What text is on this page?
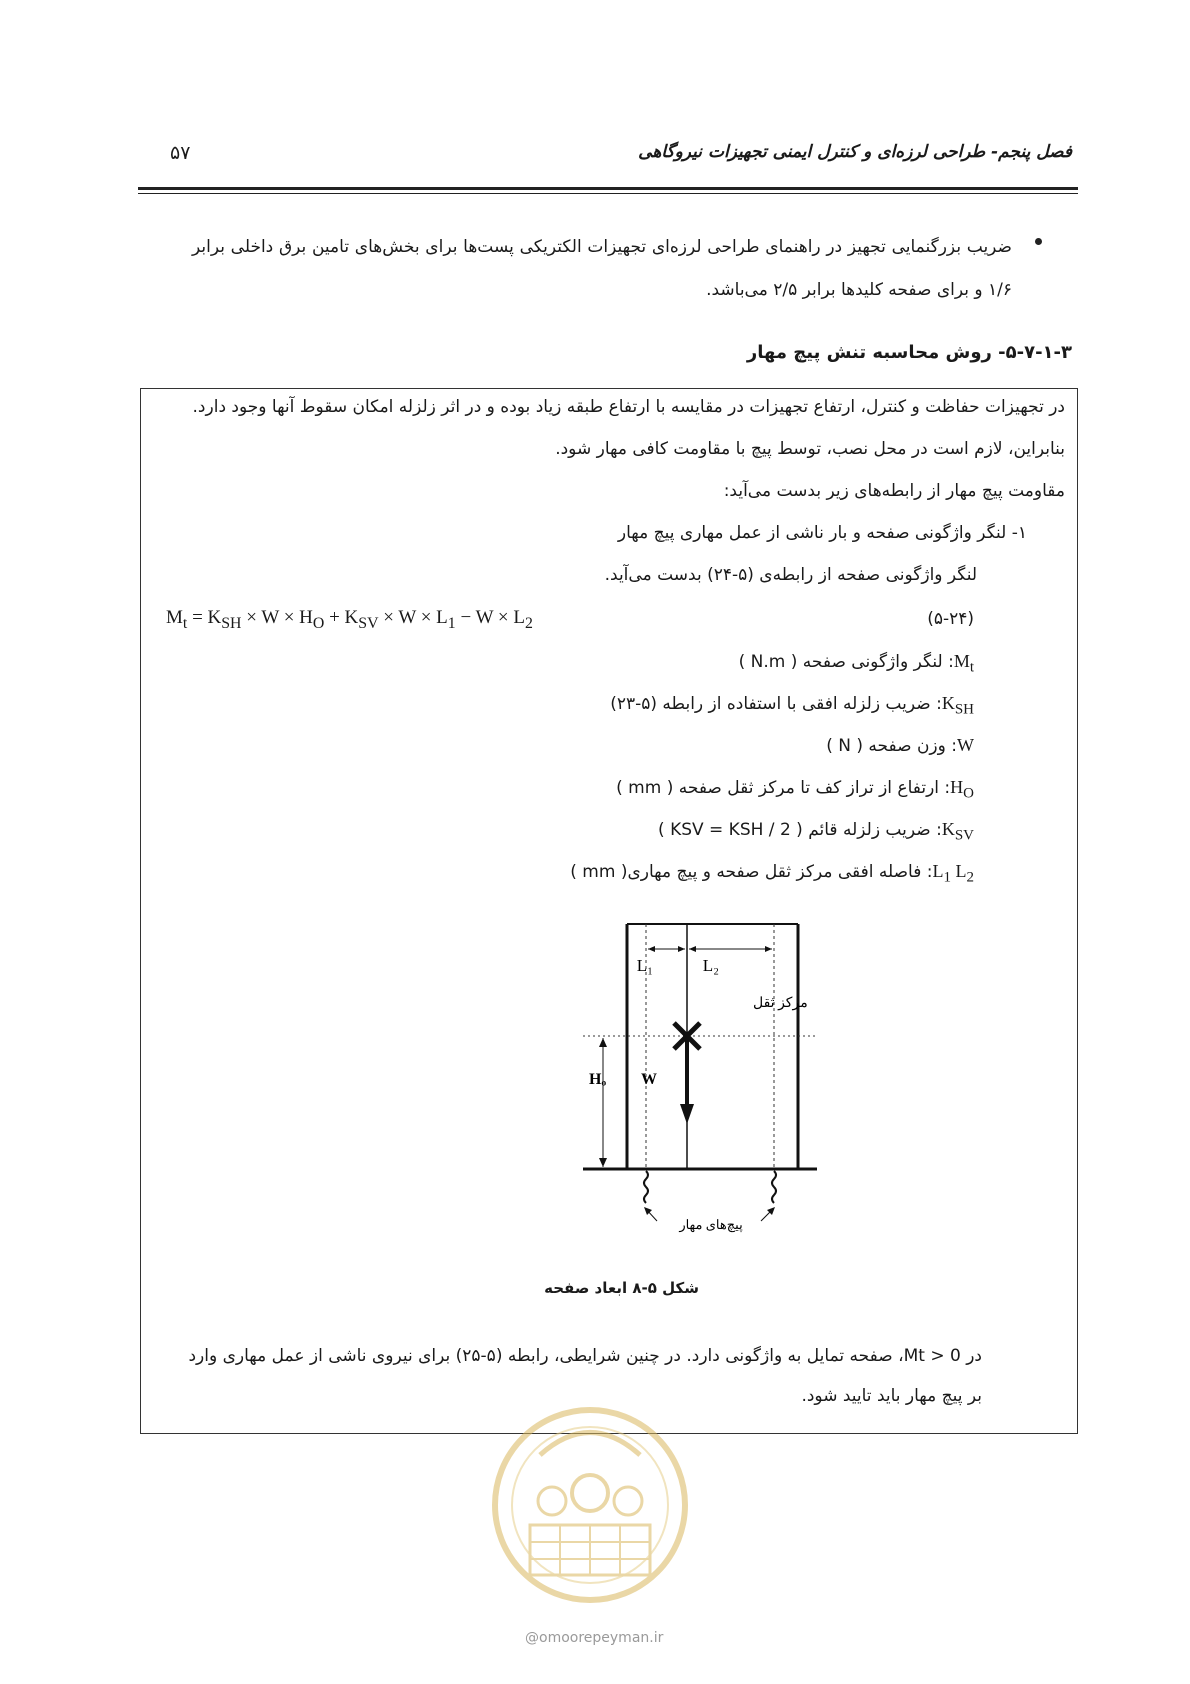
فصل پنجم- طراحی لرزه‌ای و کنترل ایمنی تجهیزات نیروگاهی
۵۷
ضریب بزرگنمایی تجهیز در راهنمای طراحی لرزه‌ای تجهیزات الکتریکی پست‌ها برای بخش‌های تامین برق داخلی برابر ۱/۶ و برای صفحه کلیدها برابر ۲/۵ می‌باشد.
۵-۷-۱-۳- روش محاسبه تنش پیچ مهار
در تجهیزات حفاظت و کنترل، ارتفاع تجهیزات در مقایسه با ارتفاع طبقه زیاد بوده و در اثر زلزله امکان سقوط آنها وجود دارد.
بنابراین، لازم است در محل نصب، توسط پیچ با مقاومت کافی مهار شود.
مقاومت پیچ مهار از رابطه‌های زیر بدست می‌آید:
۱- لنگر واژگونی صفحه و بار ناشی از عمل مهاری پیچ مهار
لنگر واژگونی صفحه از رابطه‌ی (۵-۲۴) بدست می‌آید.
(۵-۲۴)
$M_t = K_{SH} \times W \times H_O + K_{SV} \times W \times L_1 - W \times L_2$
$M_t$: لنگر واژگونی صفحه ( N.m )
$K_{SH}$: ضریب زلزله افقی با استفاده از رابطه (۵-۲۳)
W: وزن صفحه ( N )
$H_O$: ارتفاع از تراز کف تا مرکز ثقل صفحه ( mm )
$K_{SV}$: ضریب زلزله قائم ( KSV = KSH / 2 )
$L_1$ $L_2$: فاصله افقی مرکز ثقل صفحه و پیچ مهاری( mm )
L₁	L₂
مرکز ثقل
W
Hₒ
پیچ‌های مهار
شکل ۵-۸ ابعاد صفحه
در 0 < Mt، صفحه تمایل به واژگونی دارد. در چنین شرایطی، رابطه (۵-۲۵) برای نیروی ناشی از عمل مهاری وارد
بر پیچ مهار باید تایید شود.
@omoorepeyman.ir
